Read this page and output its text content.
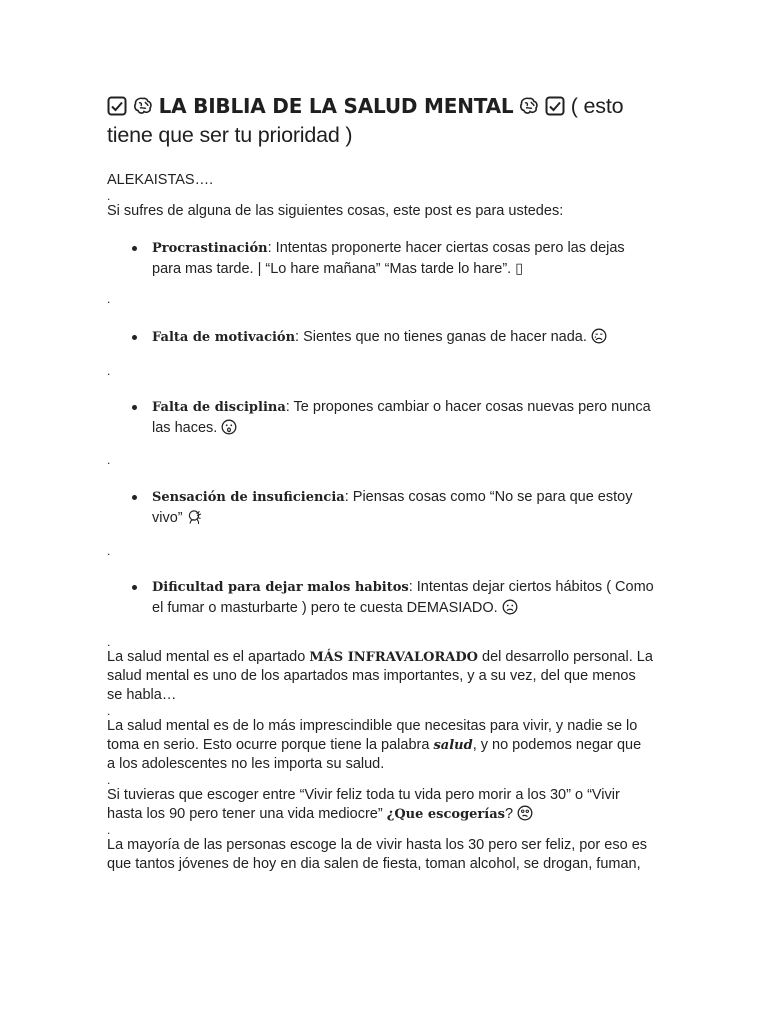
LA BIBLIA DE LA SALUD MENTAL

( esto
tiene que ser tu prioridad )

ALEKAISTAS….

.

Si sufres de alguna de las siguientes cosas, este post es para ustedes:

Procrastinación: Intentas proponerte hacer ciertas cosas pero las dejas
para mas tarde. | “Lo hare mañana” “Mas tarde lo hare”. ▯

.

Falta de motivación: Sientes que no tienes ganas de hacer nada.

.

Falta de disciplina: Te propones cambiar o hacer cosas nuevas pero nunca
las haces.

.

Sensación de insuficiencia: Piensas cosas como “No se para que estoy
vivo”

.

Dificultad para dejar malos habitos: Intentas dejar ciertos hábitos ( Como
el fumar o masturbarte ) pero te cuesta DEMASIADO.

.

La salud mental es el apartado MÁS INFRAVALORADO del desarrollo personal. La
salud mental es uno de los apartados mas importantes, y a su vez, del que menos
se habla…

.

La salud mental es de lo más imprescindible que necesitas para vivir, y nadie se lo
toma en serio. Esto ocurre porque tiene la palabra salud, y no podemos negar que
a los adolescentes no les importa su salud.

.

Si tuvieras que escoger entre “Vivir feliz toda tu vida pero morir a los 30” o “Vivir
hasta los 90 pero tener una vida mediocre” ¿Que escogerías?

.

La mayoría de las personas escoge la de vivir hasta los 30 pero ser feliz, por eso es
que tantos jóvenes de hoy en dia salen de fiesta, toman alcohol, se drogan, fuman,
